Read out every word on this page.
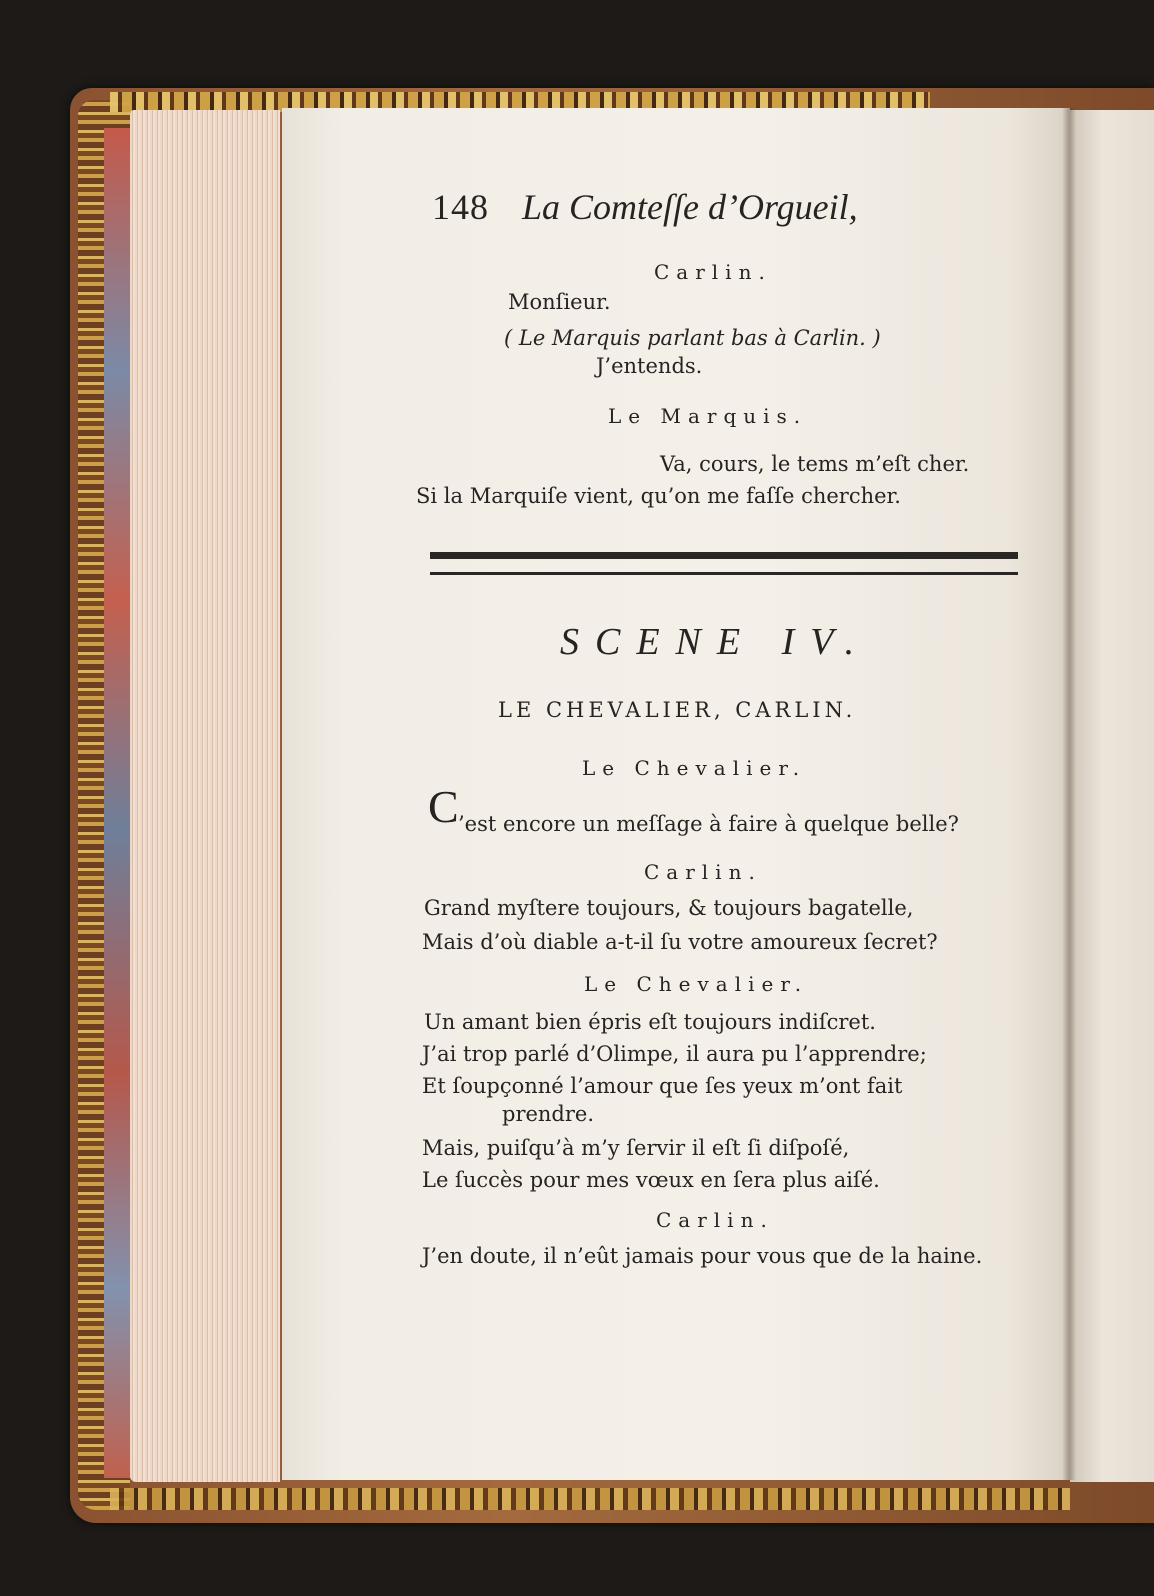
148 La Comteſſe d’Orgueil,
Carlin.
Monſieur.
( Le Marquis parlant bas à Carlin. )
J’entends.
Le Marquis.
Va, cours, le tems m’eſt cher.
Si la Marquiſe vient, qu’on me faſſe chercher.
SCENE IV.
LE CHEVALIER, CARLIN.
Le Chevalier.
C ’est encore un meſſage à faire à quelque belle?
Carlin.
Grand myſtere toujours, & toujours bagatelle,
Mais d’où diable a-t-il ſu votre amoureux ſecret?
Le Chevalier.
Un amant bien épris eſt toujours indiſcret.
J’ai trop parlé d’Olimpe, il aura pu l’apprendre;
Et ſoupçonné l’amour que ſes yeux m’ont fait
prendre.
Mais, puiſqu’à m’y ſervir il eſt ſi diſpoſé,
Le ſuccès pour mes vœux en ſera plus aiſé.
Carlin.
J’en doute, il n’eût jamais pour vous que de la haine.
